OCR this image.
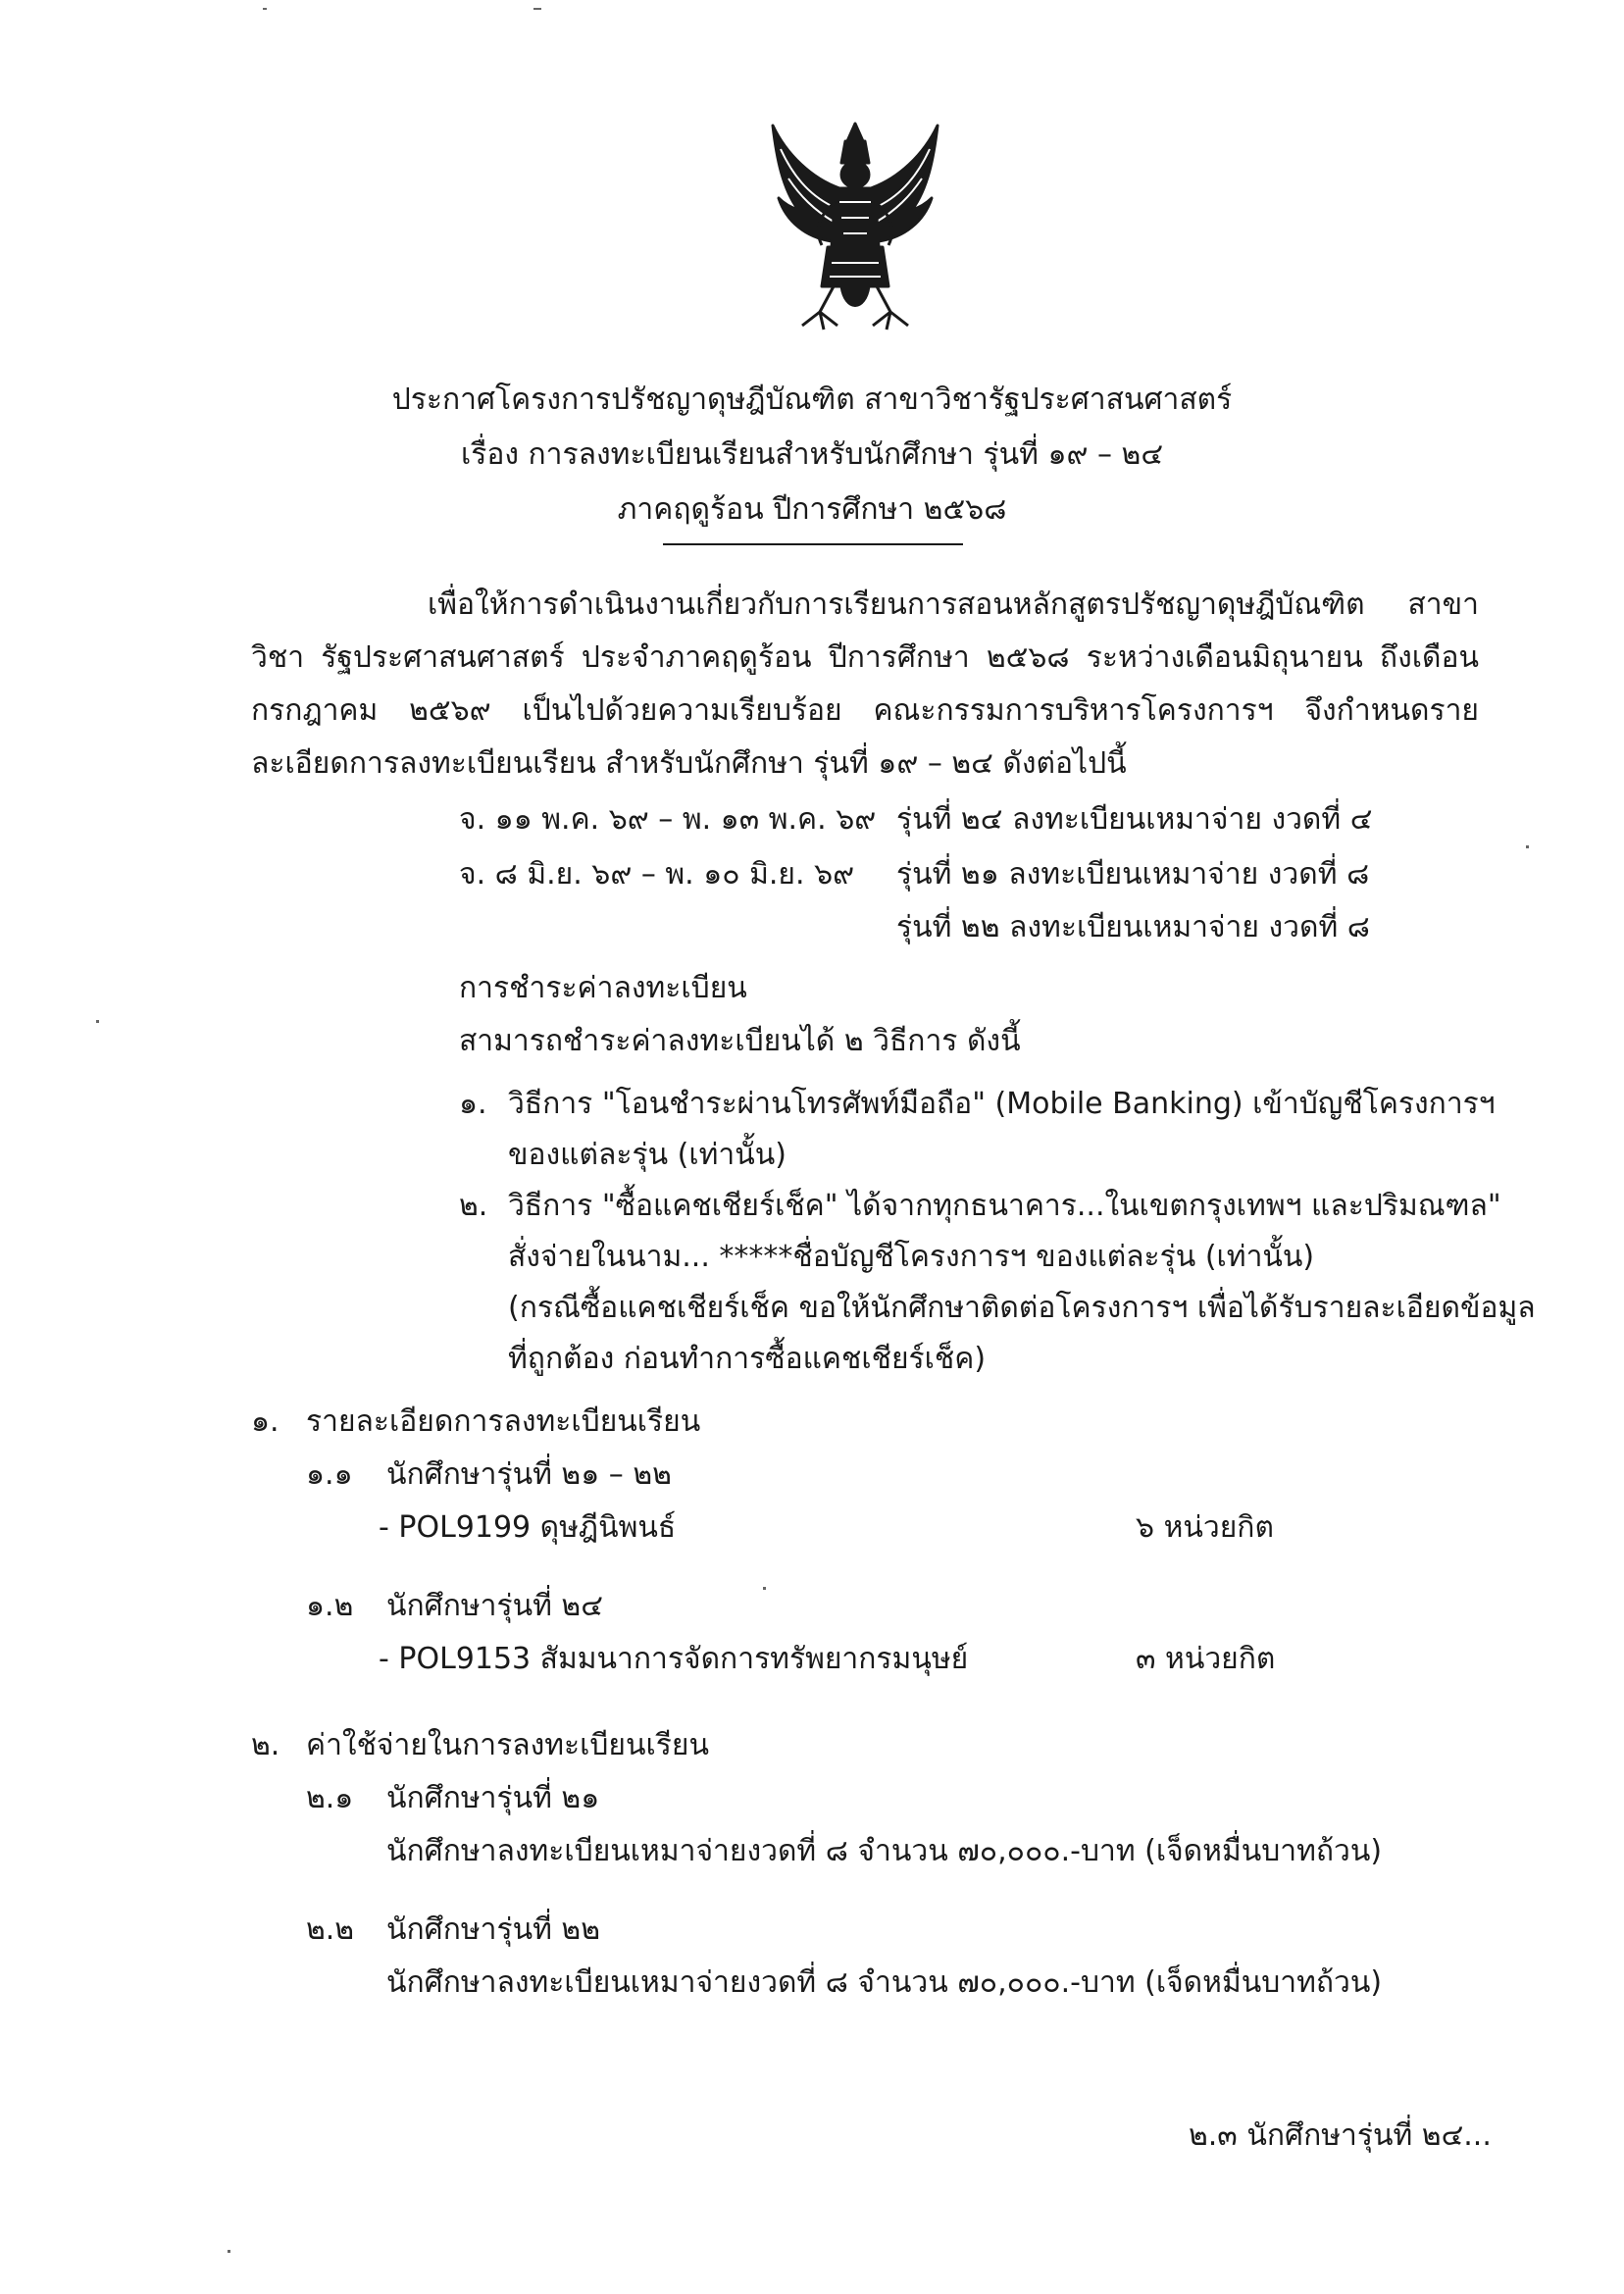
ประกาศโครงการปรัชญาดุษฎีบัณฑิต สาขาวิชารัฐประศาสนศาสตร์
เรื่อง การลงทะเบียนเรียนสำหรับนักศึกษา รุ่นที่ ๑๙ – ๒๔
ภาคฤดูร้อน ปีการศึกษา ๒๕๖๘

เพื่อให้การดำเนินงานเกี่ยวกับการเรียนการสอนหลักสูตรปรัชญาดุษฎีบัณฑิต สาขาวิชา รัฐประศาสนศาสตร์ ประจำภาคฤดูร้อน ปีการศึกษา ๒๕๖๘ ระหว่างเดือนมิถุนายน ถึงเดือนกรกฎาคม ๒๕๖๙ เป็นไปด้วยความเรียบร้อย คณะกรรมการบริหารโครงการฯ จึงกำหนดรายละเอียดการลงทะเบียนเรียน สำหรับนักศึกษา รุ่นที่ ๑๙ – ๒๔ ดังต่อไปนี้

จ. ๑๑ พ.ค. ๖๙ – พ. ๑๓ พ.ค. ๖๙ รุ่นที่ ๒๔ ลงทะเบียนเหมาจ่าย งวดที่ ๔
จ. ๘ มิ.ย. ๖๙ – พ. ๑๐ มิ.ย. ๖๙ รุ่นที่ ๒๑ ลงทะเบียนเหมาจ่าย งวดที่ ๘
รุ่นที่ ๒๒ ลงทะเบียนเหมาจ่าย งวดที่ ๘
การชำระค่าลงทะเบียน
สามารถชำระค่าลงทะเบียนได้ ๒ วิธีการ ดังนี้
๑. วิธีการ "โอนชำระผ่านโทรศัพท์มือถือ" (Mobile Banking) เข้าบัญชีโครงการฯ
ของแต่ละรุ่น (เท่านั้น)
๒. วิธีการ "ซื้อแคชเชียร์เช็ค" ได้จากทุกธนาคาร...ในเขตกรุงเทพฯ และปริมณฑล"
สั่งจ่ายในนาม... *****ชื่อบัญชีโครงการฯ ของแต่ละรุ่น (เท่านั้น)
(กรณีซื้อแคชเชียร์เช็ค ขอให้นักศึกษาติดต่อโครงการฯ เพื่อได้รับรายละเอียดข้อมูล
ที่ถูกต้อง ก่อนทำการซื้อแคชเชียร์เช็ค)
๑. รายละเอียดการลงทะเบียนเรียน
๑.๑ นักศึกษารุ่นที่ ๒๑ – ๒๒
- POL9199 ดุษฎีนิพนธ์	๖ หน่วยกิต
๑.๒ นักศึกษารุ่นที่ ๒๔
- POL9153 สัมมนาการจัดการทรัพยากรมนุษย์	๓ หน่วยกิต
๒. ค่าใช้จ่ายในการลงทะเบียนเรียน
๒.๑ นักศึกษารุ่นที่ ๒๑
นักศึกษาลงทะเบียนเหมาจ่ายงวดที่ ๘ จำนวน ๗๐,๐๐๐.-บาท (เจ็ดหมื่นบาทถ้วน)
๒.๒ นักศึกษารุ่นที่ ๒๒
นักศึกษาลงทะเบียนเหมาจ่ายงวดที่ ๘ จำนวน ๗๐,๐๐๐.-บาท (เจ็ดหมื่นบาทถ้วน)
๒.๓ นักศึกษารุ่นที่ ๒๔...
